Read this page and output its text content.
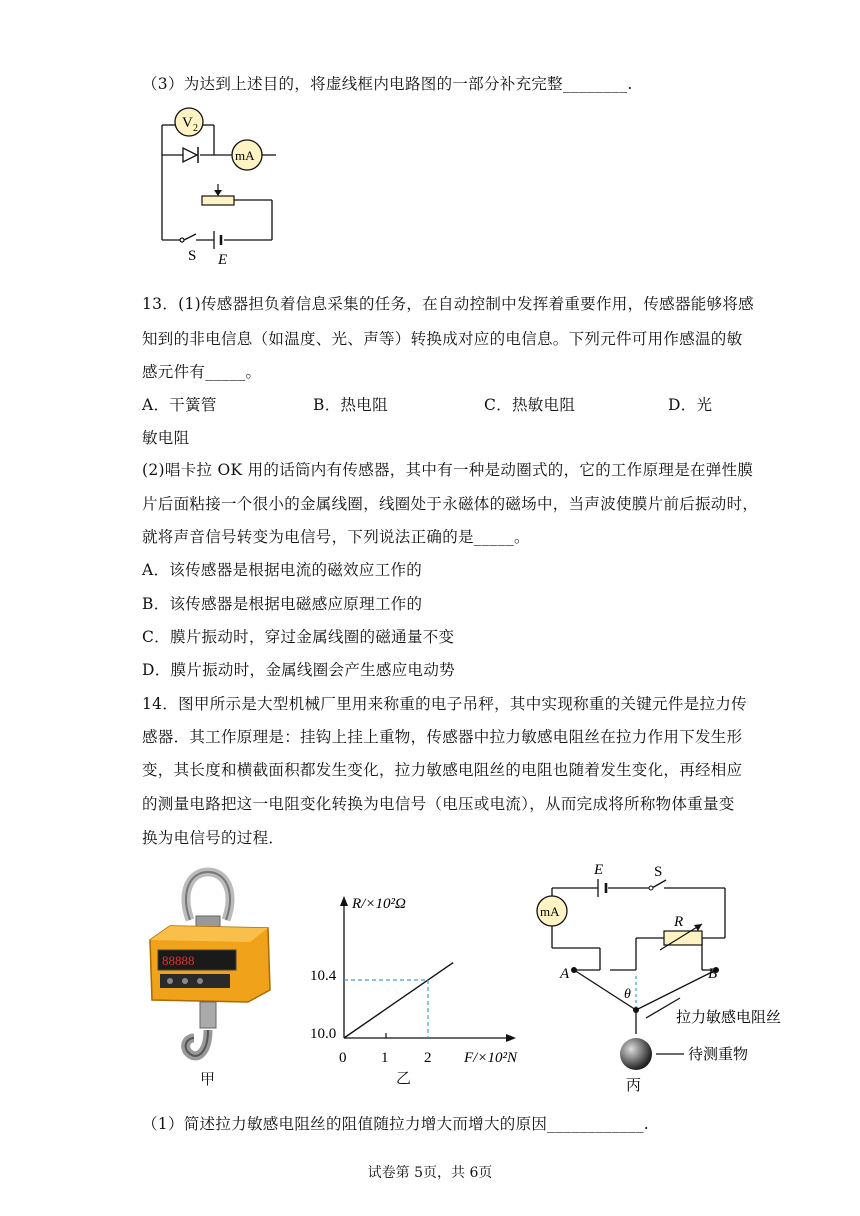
（3）为达到上述目的，将虚线框内电路图的一部分补充完整________.
V 2
mA
S E
13．(1)传感器担负着信息采集的任务，在自动控制中发挥着重要作用，传感器能够将感
知到的非电信息（如温度、光、声等）转换成对应的电信息。下列元件可用作感温的敏
感元件有_____。
A．干簧管	B．热电阻	C．热敏电阻	D．光
敏电阻
(2)唱卡拉 OK 用的话筒内有传感器，其中有一种是动圈式的，它的工作原理是在弹性膜
片后面粘接一个很小的金属线圈，线圈处于永磁体的磁场中，当声波使膜片前后振动时，
就将声音信号转变为电信号，下列说法正确的是_____。
A．该传感器是根据电流的磁效应工作的
B．该传感器是根据电磁感应原理工作的
C．膜片振动时，穿过金属线圈的磁通量不变
D．膜片振动时，金属线圈会产生感应电动势
14．图甲所示是大型机械厂里用来称重的电子吊秤，其中实现称重的关键元件是拉力传
感器．其工作原理是：挂钩上挂上重物，传感器中拉力敏感电阻丝在拉力作用下发生形
变，其长度和横截面积都发生变化，拉力敏感电阻丝的电阻也随着发生变化，再经相应
的测量电路把这一电阻变化转换为电信号（电压或电流），从而完成将所称物体重量变
换为电信号的过程．
88888
甲
R/×10²Ω
F/×10²N
10.4
10.0
0 1 2
乙
mA
E	S
R
A	B
θ
拉力敏感电阻丝
待测重物
丙
（1）简述拉力敏感电阻丝的阻值随拉力增大而增大的原因____________.
试卷第 5页，共 6页
